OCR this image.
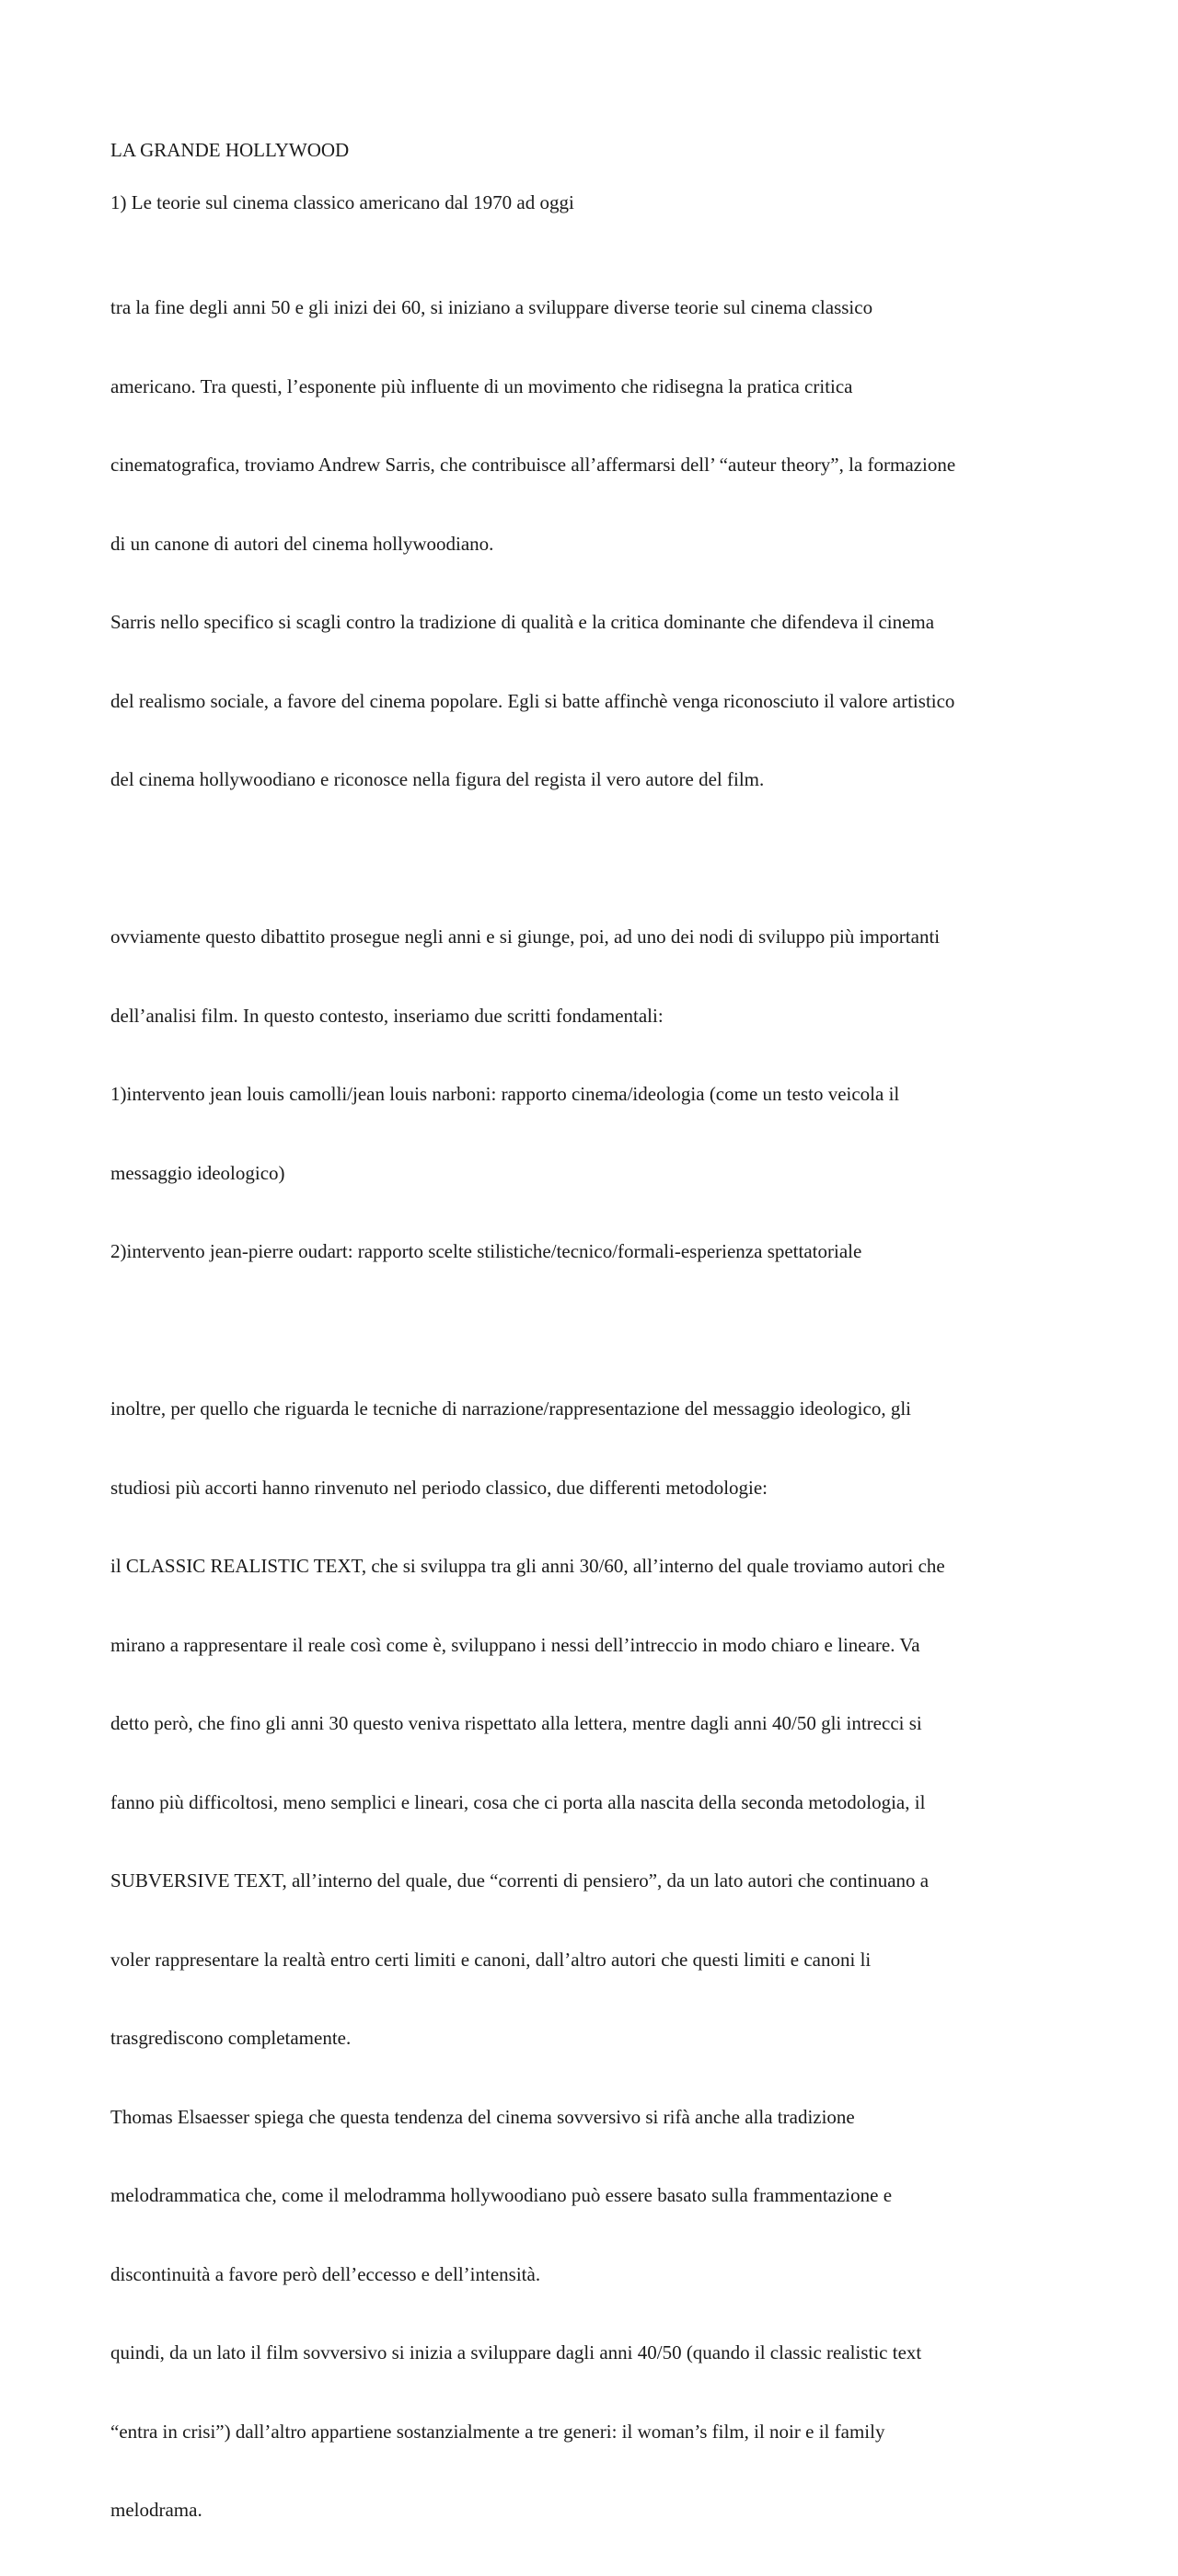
LA GRANDE HOLLYWOOD

1) Le teorie sul cinema classico americano dal 1970 ad oggi

tra la fine degli anni 50 e gli inizi dei 60, si iniziano a sviluppare diverse teorie sul cinema classico

americano. Tra questi, l’esponente più influente di un movimento che ridisegna la pratica critica

cinematografica, troviamo Andrew Sarris, che contribuisce all’affermarsi dell’ “auteur theory”, la formazione

di un canone di autori del cinema hollywoodiano.

Sarris nello specifico si scagli contro la tradizione di qualità e la critica dominante che difendeva il cinema

del realismo sociale, a favore del cinema popolare. Egli si batte affinchè venga riconosciuto il valore artistico

del cinema hollywoodiano e riconosce nella figura del regista il vero autore del film.

ovviamente questo dibattito prosegue negli anni e si giunge, poi, ad uno dei nodi di sviluppo più importanti

dell’analisi film. In questo contesto, inseriamo due scritti fondamentali:

1)intervento jean louis camolli/jean louis narboni: rapporto cinema/ideologia (come un testo veicola il

messaggio ideologico)

2)intervento jean-pierre oudart: rapporto scelte stilistiche/tecnico/formali-esperienza spettatoriale

inoltre, per quello che riguarda le tecniche di narrazione/rappresentazione del messaggio ideologico, gli

studiosi più accorti hanno rinvenuto nel periodo classico, due differenti metodologie:

il CLASSIC REALISTIC TEXT, che si sviluppa tra gli anni 30/60, all’interno del quale troviamo autori che

mirano a rappresentare il reale così come è, sviluppano i nessi dell’intreccio in modo chiaro e lineare. Va

detto però, che fino gli anni 30 questo veniva rispettato alla lettera, mentre dagli anni 40/50 gli intrecci si

fanno più difficoltosi, meno semplici e lineari, cosa che ci porta alla nascita della seconda metodologia, il

SUBVERSIVE TEXT, all’interno del quale, due “correnti di pensiero”, da un lato autori che continuano a

voler rappresentare la realtà entro certi limiti e canoni, dall’altro autori che questi limiti e canoni li

trasgrediscono completamente.

Thomas Elsaesser spiega che questa tendenza del cinema sovversivo si rifà anche alla tradizione

melodrammatica che, come il melodramma hollywoodiano può essere basato sulla frammentazione e

discontinuità a favore però dell’eccesso e dell’intensità.

quindi, da un lato il film sovversivo si inizia a sviluppare dagli anni 40/50 (quando il classic realistic text

“entra in crisi”) dall’altro appartiene sostanzialmente a tre generi: il woman’s film, il noir e il family

melodrama.
